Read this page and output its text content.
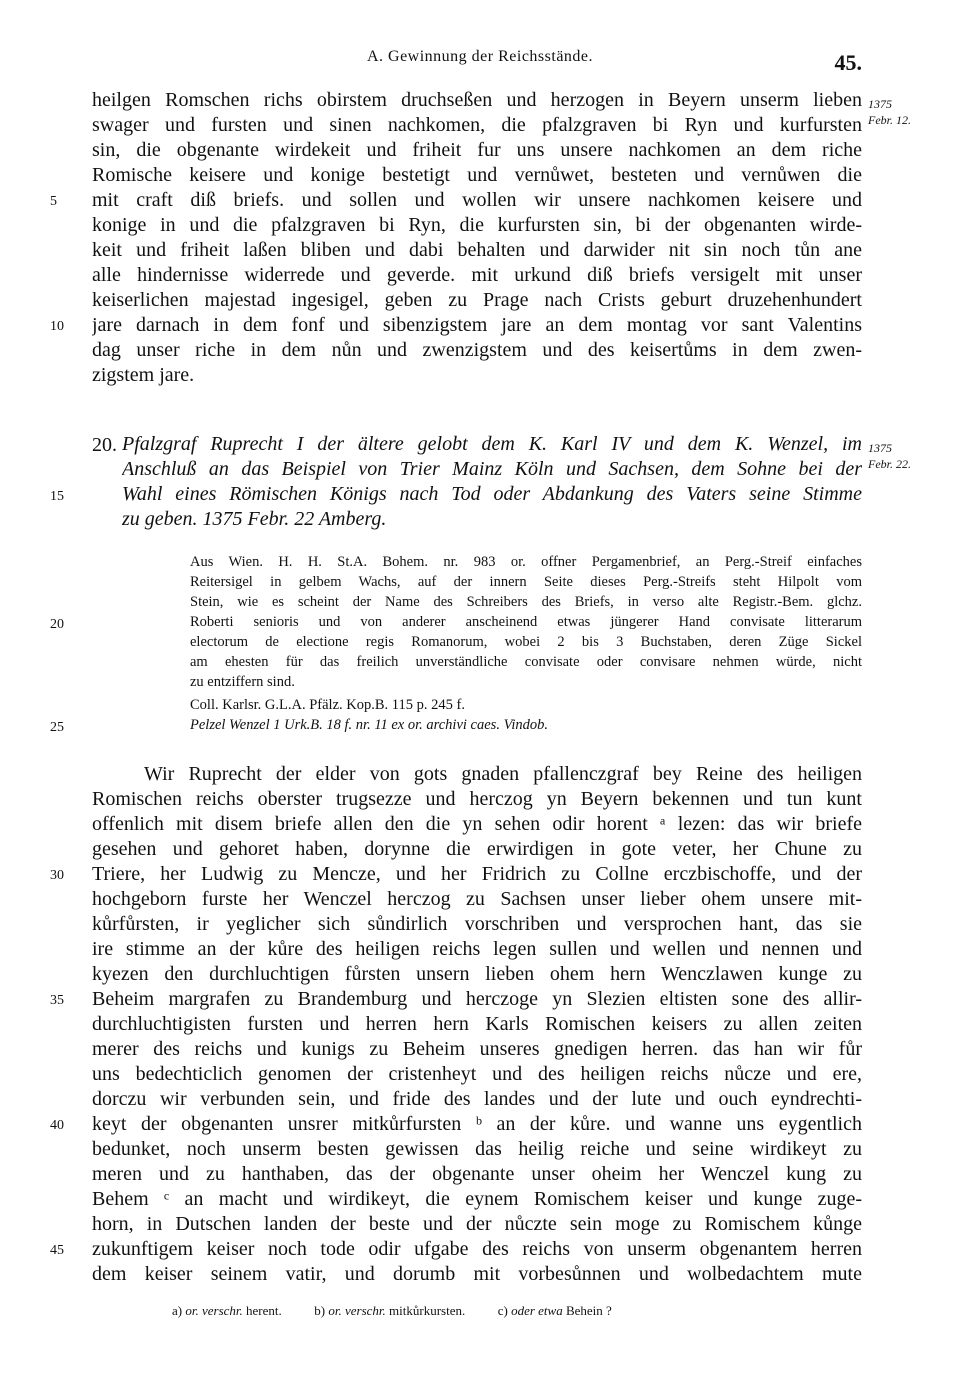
A. Gewinnung der Reichsstände.	45.
heilgen Romschen richs obirstem druchseßen und herzogen in Beyern unserm lieben
swager und fursten und sinen nachkomen, die pfalzgraven bi Ryn und kurfursten
sin, die obgenante wirdekeit und friheit fur uns unsere nachkomen an dem riche
Romische keisere und konige bestetigt und vernůwet, besteten und vernůwen die
mit craft diß briefs. und sollen und wollen wir unsere nachkomen keisere und
konige in und die pfalzgraven bi Ryn, die kurfursten sin, bi der obgenanten wirde-
keit und friheit laßen bliben und dabi behalten und darwider nit sin noch tůn ane
alle hindernisse widerrede und geverde. mit urkund diß briefs versigelt mit unser
keiserlichen majestad ingesigel, geben zu Prage nach Crists geburt druzehenhundert
jare darnach in dem fonf und sibenzigstem jare an dem montag vor sant Valentins
dag unser riche in dem nůn und zwenzigstem und des keisertůms in dem zwen-
zigstem jare.
1375
Febr. 12.
5
10
15
20
25
30
35
40
45
20. Pfalzgraf Ruprecht I der ältere gelobt dem K. Karl IV und dem K. Wenzel, im
Anschluß an das Beispiel von Trier Mainz Köln und Sachsen, dem Sohne bei der
Wahl eines Römischen Königs nach Tod oder Abdankung des Vaters seine Stimme
zu geben. 1375 Febr. 22 Amberg.
1375
Febr. 22.
Aus Wien. H. H. St.A. Bohem. nr. 983 or. offner Pergamenbrief, an Perg.-Streif einfaches
Reitersigel in gelbem Wachs, auf der innern Seite dieses Perg.-Streifs steht Hilpolt vom
Stein, wie es scheint der Name des Schreibers des Briefs, in verso alte Registr.-Bem. glchz.
Roberti senioris und von anderer anscheinend etwas jüngerer Hand convisate litterarum
electorum de electione regis Romanorum, wobei 2 bis 3 Buchstaben, deren Züge Sickel
am ehesten für das freilich unverständliche convisate oder convisare nehmen würde, nicht
zu entziffern sind.
Coll. Karlsr. G.L.A. Pfälz. Kop.B. 115 p. 245 f.
Pelzel Wenzel 1 Urk.B. 18 f. nr. 11 ex or. archivi caes. Vindob.
Wir Ruprecht der elder von gots gnaden pfallenczgraf bey Reine des heiligen
Romischen reichs oberster trugsezze und herczog yn Beyern bekennen und tun kunt
offenlich mit disem briefe allen den die yn sehen odir horent ᵃ lezen: das wir briefe
gesehen und gehoret haben, dorynne die erwirdigen in gote veter, her Chune zu
Triere, her Ludwig zu Mencze, und her Fridrich zu Collne erczbischoffe, und der
hochgeborn furste her Wenczel herczog zu Sachsen unser lieber ohem unsere mit-
kůrfůrsten, ir yeglicher sich sůndirlich vorschriben und versprochen hant, das sie
ire stimme an der kůre des heiligen reichs legen sullen und wellen und nennen und
kyezen den durchluchtigen fůrsten unsern lieben ohem hern Wenczlawen kunge zu
Beheim margrafen zu Brandemburg und herczoge yn Slezien eltisten sone des allir-
durchluchtigisten fursten und herren hern Karls Romischen keisers zu allen zeiten
merer des reichs und kunigs zu Beheim unseres gnedigen herren. das han wir fůr
uns bedechticlich genomen der cristenheyt und des heiligen reichs nůcze und ere,
dorczu wir verbunden sein, und fride des landes und der lute und ouch eyndrechti-
keyt der obgenanten unsrer mitkůrfursten ᵇ an der kůre. und wanne uns eygentlich
bedunket, noch unserm besten gewissen das heilig reiche und seine wirdikeyt zu
meren und zu hanthaben, das der obgenante unser oheim her Wenczel kung zu
Behem ᶜ an macht und wirdikeyt, die eynem Romischem keiser und kunge zuge-
horn, in Dutschen landen der beste und der nůczte sein moge zu Romischem kůnge
zukunftigem keiser noch tode odir ufgabe des reichs von unserm obgenantem herren
dem keiser seinem vatir, und dorumb mit vorbesůnnen und wolbedachtem mute
a) or. verschr. herent.	b) or. verschr. mitkůrkursten.	c) oder etwa Behein ?
